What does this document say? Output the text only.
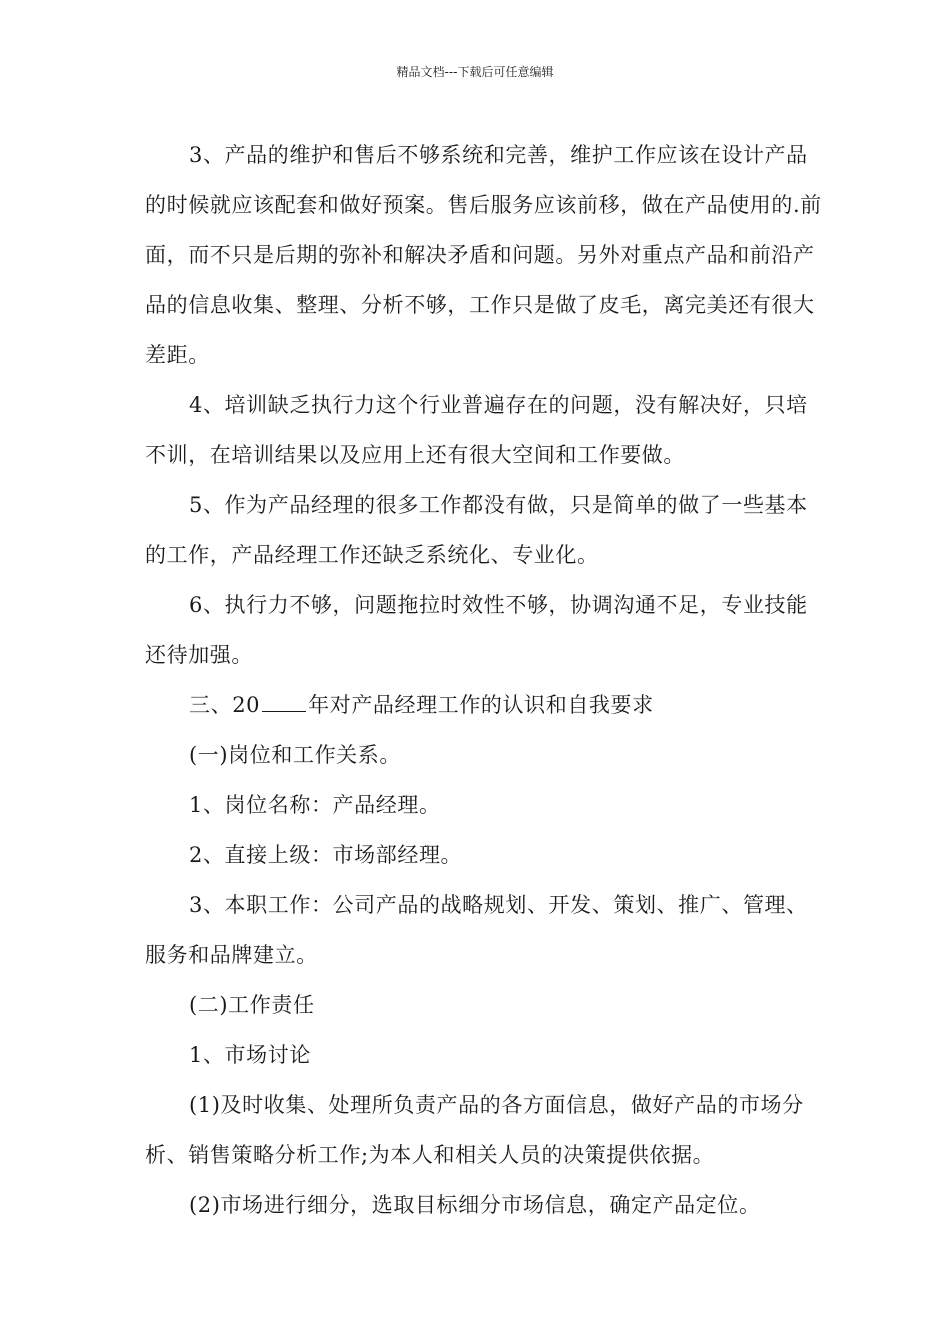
精品文档---下载后可任意编辑

3、产品的维护和售后不够系统和完善，维护工作应该在设计产品的时候就应该配套和做好预案。售后服务应该前移，做在产品使用的.前面，而不只是后期的弥补和解决矛盾和问题。另外对重点产品和前沿产品的信息收集、整理、分析不够，工作只是做了皮毛，离完美还有很大差距。

4、培训缺乏执行力这个行业普遍存在的问题，没有解决好，只培不训，在培训结果以及应用上还有很大空间和工作要做。

5、作为产品经理的很多工作都没有做，只是简单的做了一些基本的工作，产品经理工作还缺乏系统化、专业化。

6、执行力不够，问题拖拉时效性不够，协调沟通不足，专业技能还待加强。

三、20 年对产品经理工作的认识和自我要求

(一)岗位和工作关系。

1、岗位名称：产品经理。

2、直接上级：市场部经理。

3、本职工作：公司产品的战略规划、开发、策划、推广、管理、服务和品牌建立。

(二)工作责任

1、市场讨论

(1)及时收集、处理所负责产品的各方面信息，做好产品的市场分析、销售策略分析工作;为本人和相关人员的决策提供依据。

(2)市场进行细分，选取目标细分市场信息，确定产品定位。
